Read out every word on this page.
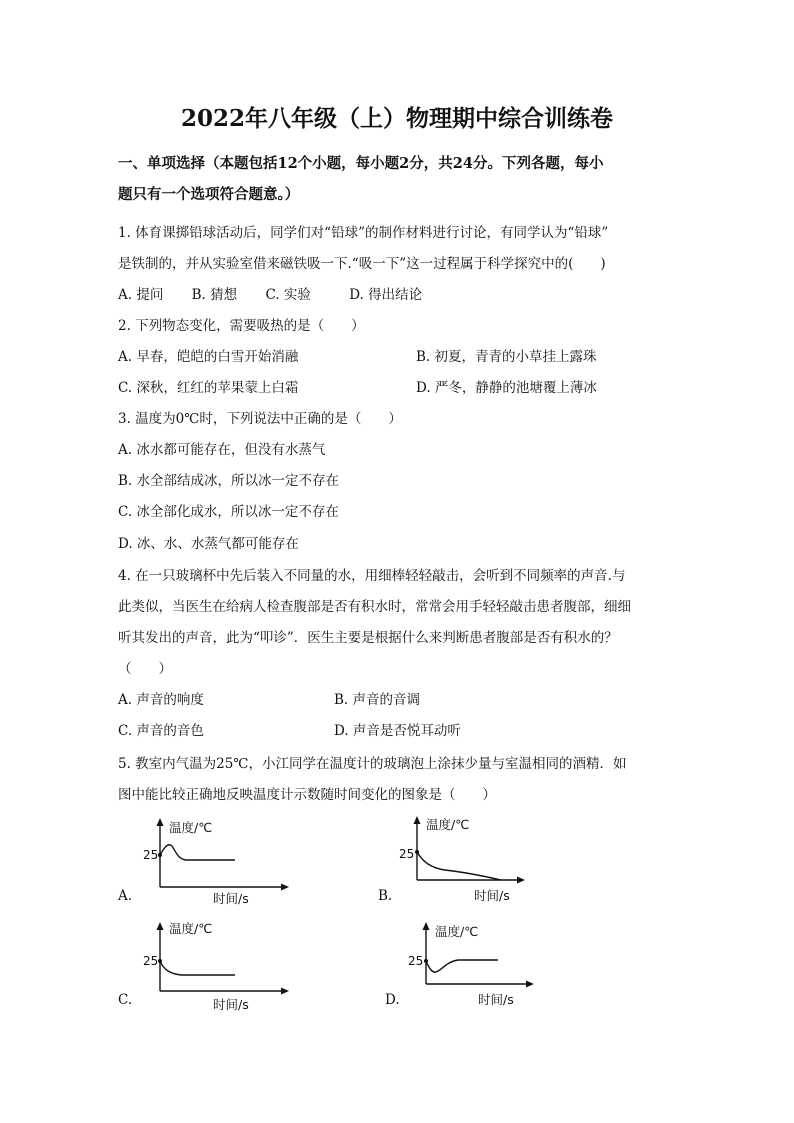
2022年八年级（上）物理期中综合训练卷
一、单项选择（本题包括12个小题，每小题2分，共24分。下列各题，每小
题只有一个选项符合题意。）
1. 体育课掷铅球活动后，同学们对“铅球”的制作材料进行讨论，有同学认为“铅球”
是铁制的，并从实验室借来磁铁吸一下.“吸一下”这一过程属于科学探究中的(　　)
A. 提问 B. 猜想 C. 实验	D. 得出结论
2. 下列物态变化，需要吸热的是（　　）
A. 早春，皑皑的白雪开始消融	B. 初夏，青青的小草挂上露珠
C. 深秋，红红的苹果蒙上白霜	D. 严冬，静静的池塘覆上薄冰
3. 温度为0℃时，下列说法中正确的是（　　）
A. 冰水都可能存在，但没有水蒸气
B. 水全部结成冰，所以冰一定不存在
C. 冰全部化成水，所以冰一定不存在
D. 冰、水、水蒸气都可能存在
4. 在一只玻璃杯中先后装入不同量的水，用细棒轻轻敲击，会听到不同频率的声音.与
此类似，当医生在给病人检查腹部是否有积水时，常常会用手轻轻敲击患者腹部，细细
听其发出的声音，此为“叩诊”．医生主要是根据什么来判断患者腹部是否有积水的？
（　　）
A. 声音的响度	B. 声音的音调
C. 声音的音色	D. 声音是否悦耳动听
5. 教室内气温为25℃，小江同学在温度计的玻璃泡上涂抹少量与室温相同的酒精．如
图中能比较正确地反映温度计示数随时间变化的图象是（　　）
A.
温度/℃
25
时间/s	B.
温度/℃
25
时间/s
C.
温度/℃
25
时间/s	D.
温度/℃
25
时间/s
